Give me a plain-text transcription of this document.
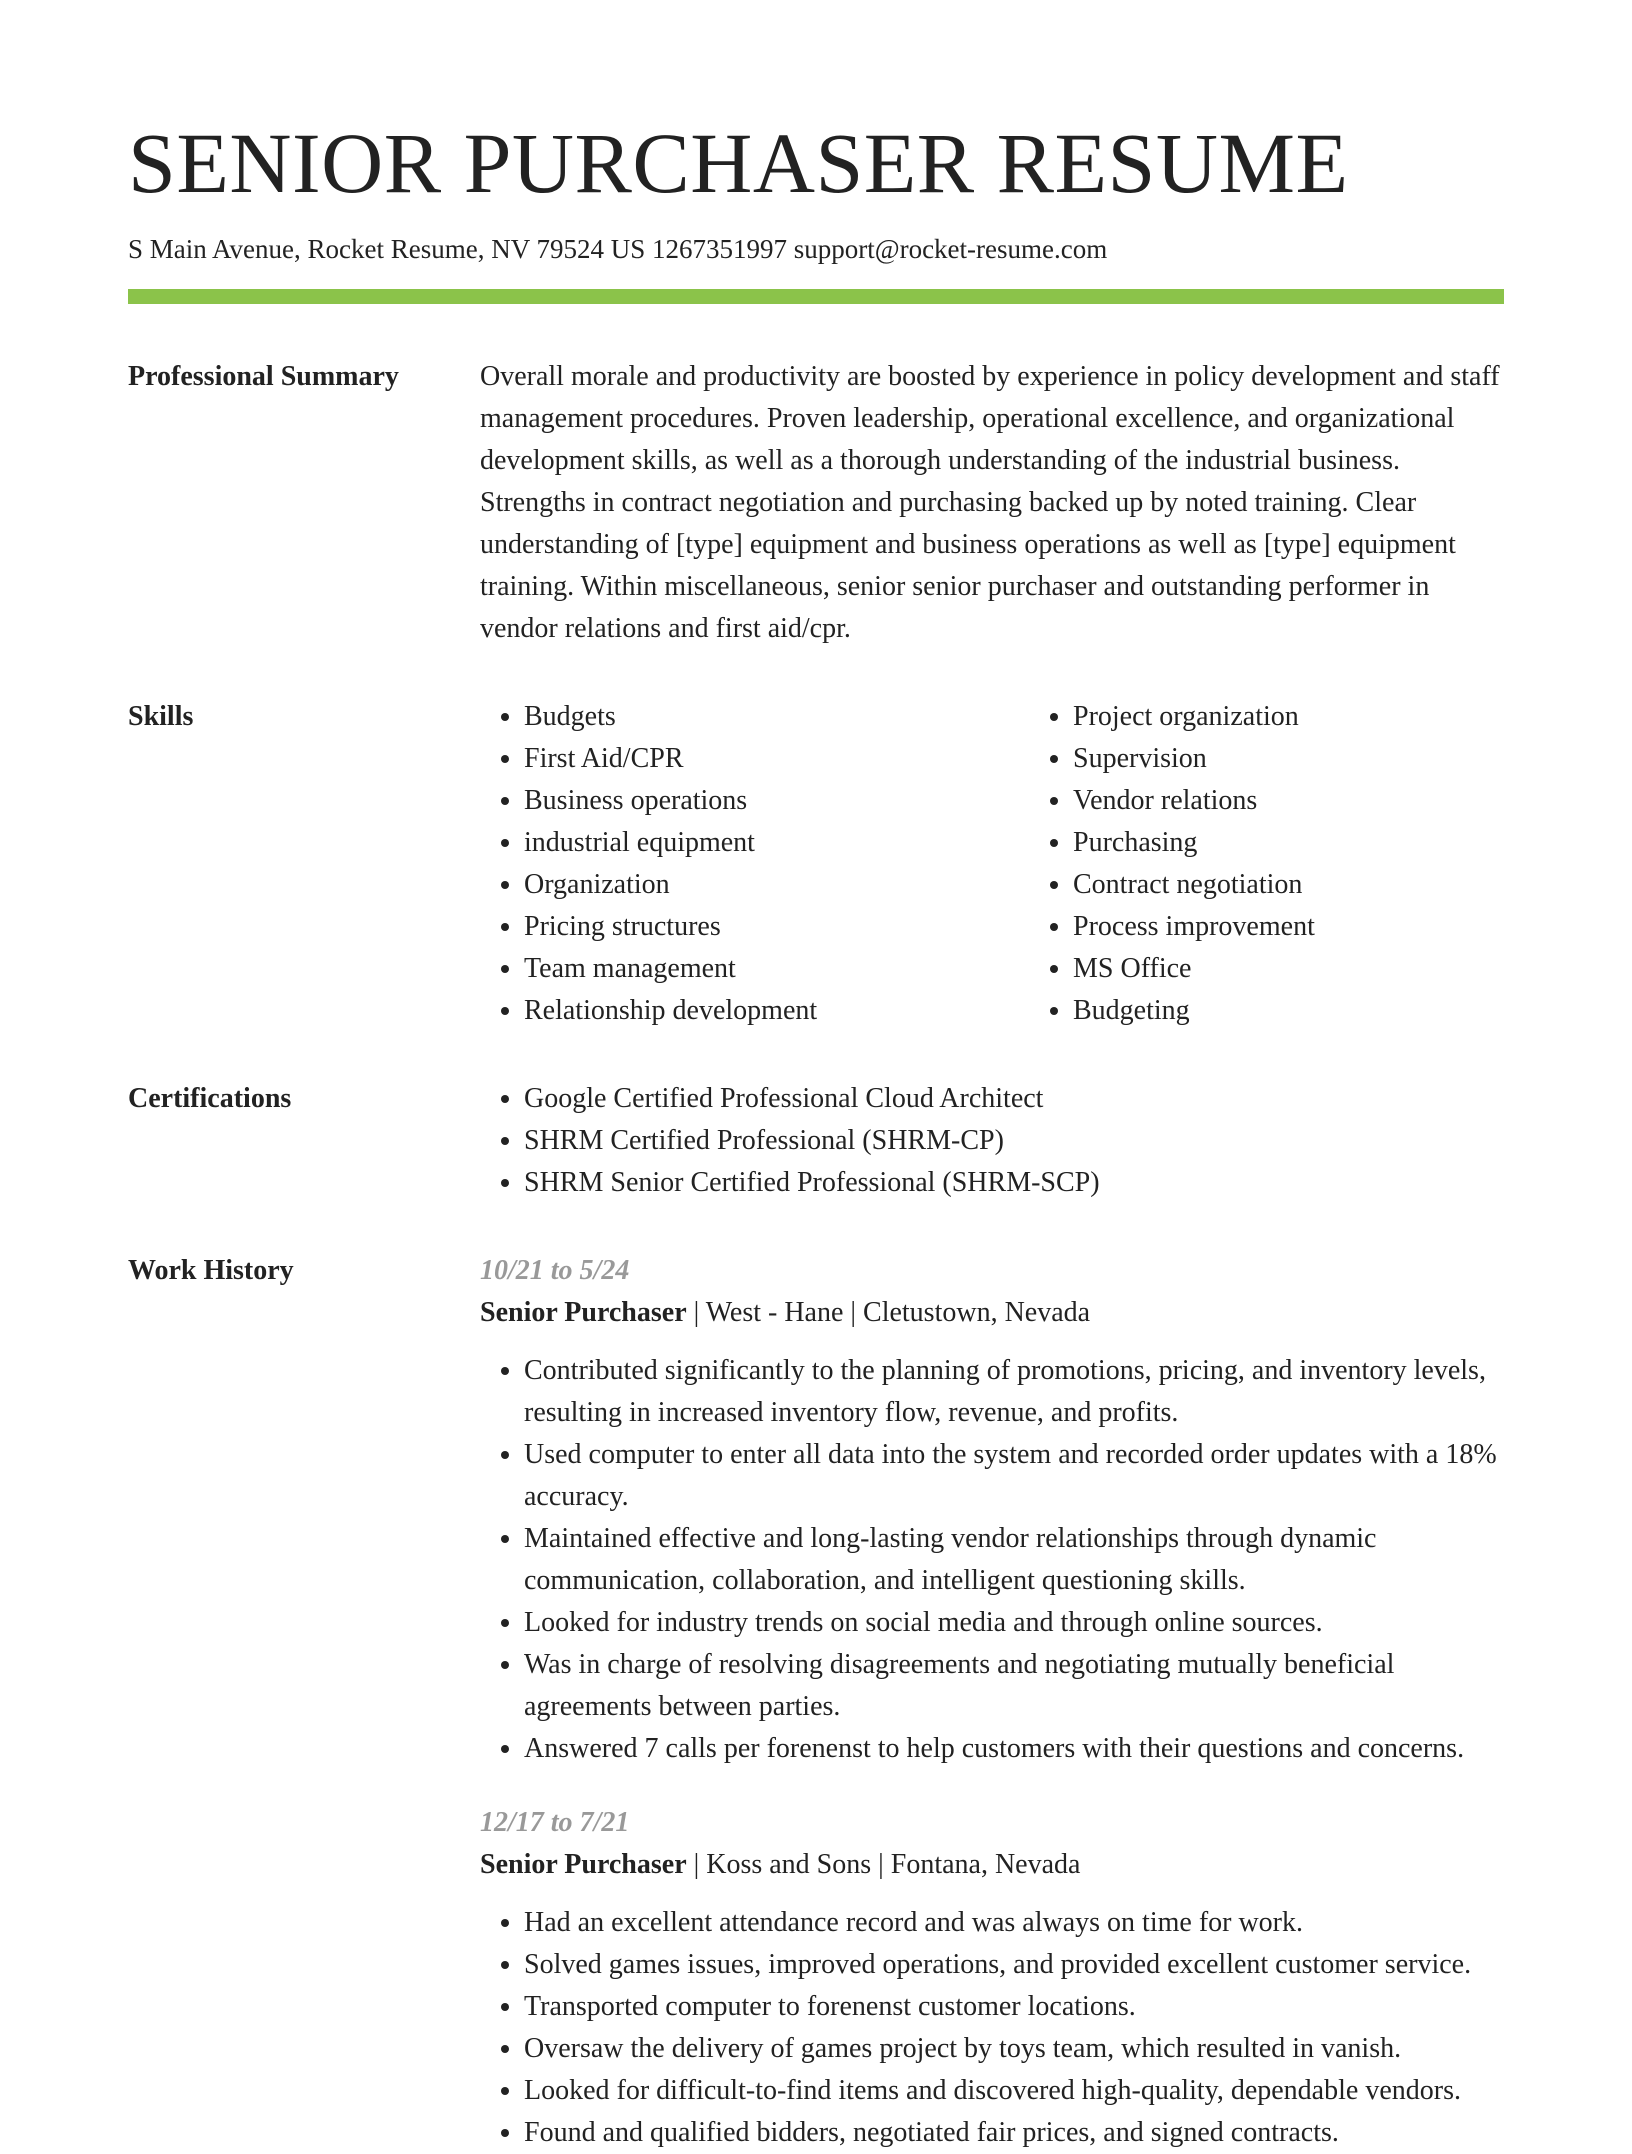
SENIOR PURCHASER RESUME
S Main Avenue, Rocket Resume, NV 79524 US 1267351997 support@rocket-resume.com
Professional Summary	Overall morale and productivity are boosted by experience in policy development and staff management procedures. Proven leadership, operational excellence, and organizational development skills, as well as a thorough understanding of the industrial business. Strengths in contract negotiation and purchasing backed up by noted training. Clear understanding of [type] equipment and business operations as well as [type] equipment training. Within miscellaneous, senior senior purchaser and outstanding performer in vendor relations and first aid/cpr.
Skills	• Budgets
• First Aid/CPR
• Business operations
• industrial equipment
• Organization
• Pricing structures
• Team management
• Relationship development
• Project organization
• Supervision
• Vendor relations
• Purchasing
• Contract negotiation
• Process improvement
• MS Office
• Budgeting
Certifications	• Google Certified Professional Cloud Architect
• SHRM Certified Professional (SHRM-CP)
• SHRM Senior Certified Professional (SHRM-SCP)
Work History	10/21 to 5/24
Senior Purchaser | West - Hane | Cletustown, Nevada
• Contributed significantly to the planning of promotions, pricing, and inventory levels, resulting in increased inventory flow, revenue, and profits.
• Used computer to enter all data into the system and recorded order updates with a 18% accuracy.
• Maintained effective and long-lasting vendor relationships through dynamic communication, collaboration, and intelligent questioning skills.
• Looked for industry trends on social media and through online sources.
• Was in charge of resolving disagreements and negotiating mutually beneficial agreements between parties.
• Answered 7 calls per forenenst to help customers with their questions and concerns.
12/17 to 7/21
Senior Purchaser | Koss and Sons | Fontana, Nevada
• Had an excellent attendance record and was always on time for work.
• Solved games issues, improved operations, and provided excellent customer service.
• Transported computer to forenenst customer locations.
• Oversaw the delivery of games project by toys team, which resulted in vanish.
• Looked for difficult-to-find items and discovered high-quality, dependable vendors.
• Found and qualified bidders, negotiated fair prices, and signed contracts.
